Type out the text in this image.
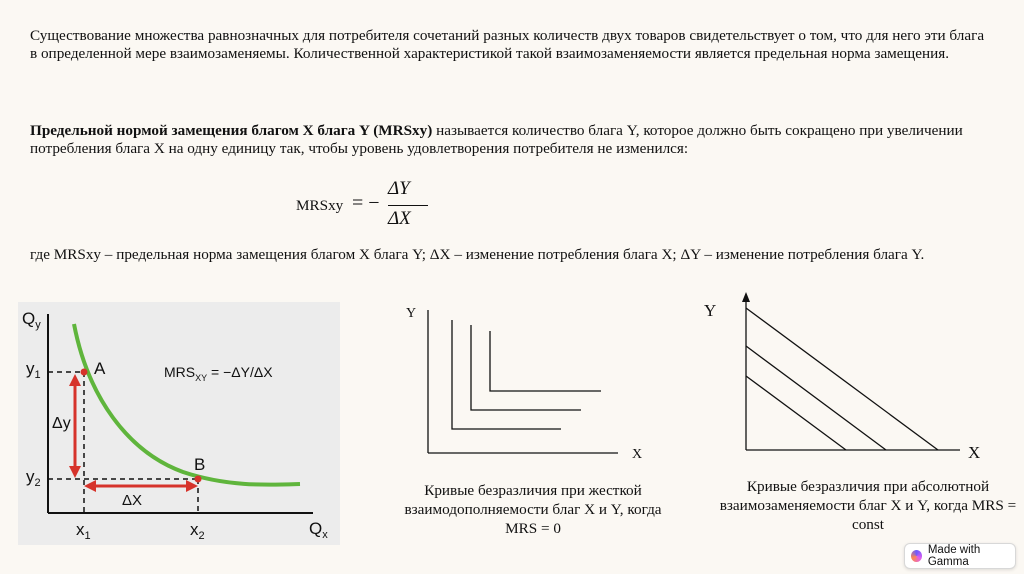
Существование множества равнозначных для потребителя сочетаний разных количеств двух товаров свидетельствует о том, что для него эти блага в определенной мере взаимозаменяемы. Количественной характеристикой такой взаимозаменяемости является предельная норма замещения.

Предельной нормой замещения благом X блага Y (MRSxy) называется количество блага Y, которое должно быть сокращено при увеличении потребления блага X на одну единицу так, чтобы уровень удовлетворения потребителя не изменился:

MRSxy = −
ΔY
ΔX

где MRSxy – предельная норма замещения благом X блага Y; ΔX – изменение потребления блага X; ΔY – изменение потребления блага Y.

$Q_y$
$Q_x$
$y_1$
$y_2$
$x_1$	$x_2$
A
B
Δy
ΔX
$MRS_{XY} = -\Delta Y/\Delta X$
Y
X

Кривые безразличия при жесткой взаимодополняемости благ X и Y, когда MRS = 0

Y
X

Кривые безразличия при абсолютной взаимозаменяемости благ X и Y, когда MRS = const

Made with Gamma
